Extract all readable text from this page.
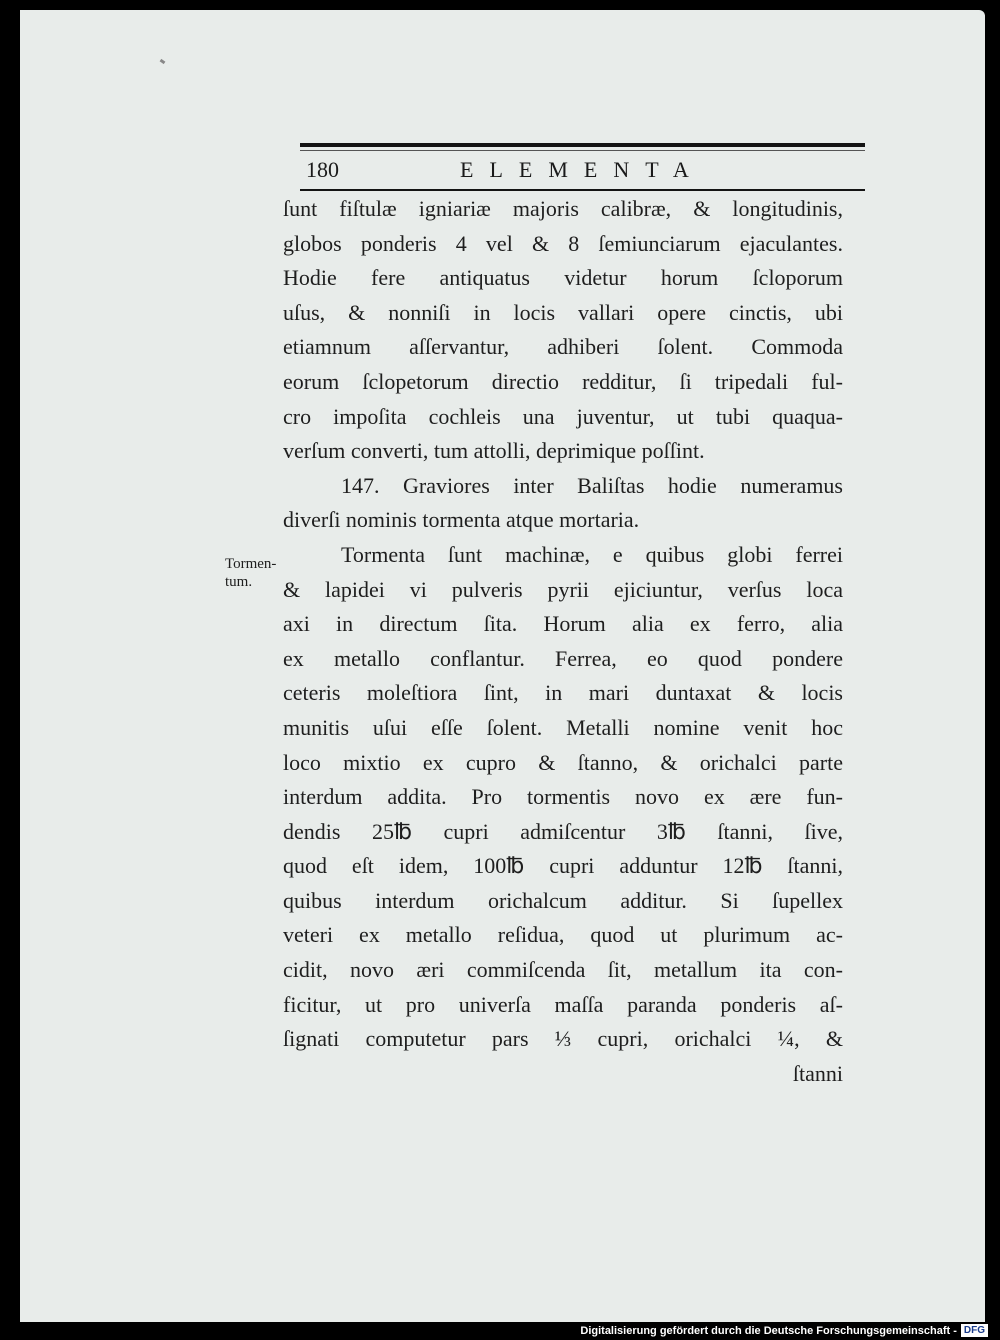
180	ELEMENTA
Tormen-
tum.
ſunt fiſtulæ igniariæ majoris calibræ, & longitudinis,
globos ponderis 4 vel & 8 ſemiunciarum ejaculantes.
Hodie fere antiquatus videtur horum ſcloporum
uſus, & nonniſi in locis vallari opere cinctis, ubi
etiamnum aſſervantur, adhiberi ſolent. Commoda
eorum ſclopetorum directio redditur, ſi tripedali ful-
cro impoſita cochleis una juventur, ut tubi quaqua-
verſum converti, tum attolli, deprimique poſſint.
147. Graviores inter Baliſtas hodie numeramus
diverſi nominis tormenta atque mortaria.
Tormenta ſunt machinæ, e quibus globi ferrei
& lapidei vi pulveris pyrii ejiciuntur, verſus loca
axi in directum ſita. Horum alia ex ferro, alia
ex metallo conflantur. Ferrea, eo quod pondere
ceteris moleſtiora ſint, in mari duntaxat & locis
munitis uſui eſſe ſolent. Metalli nomine venit hoc
loco mixtio ex cupro & ſtanno, & orichalci parte
interdum addita. Pro tormentis novo ex ære fun-
dendis 25℔ cupri admiſcentur 3℔ ſtanni, ſive,
quod eſt idem, 100℔ cupri adduntur 12℔ ſtanni,
quibus interdum orichalcum additur. Si ſupellex
veteri ex metallo reſidua, quod ut plurimum ac-
cidit, novo æri commiſcenda ſit, metallum ita con-
ficitur, ut pro univerſa maſſa paranda ponderis aſ-
ſignati computetur pars ⅓ cupri, orichalci ¼, &
ſtanni
Digitalisierung gefördert durch die Deutsche Forschungsgemeinschaft - DFG
